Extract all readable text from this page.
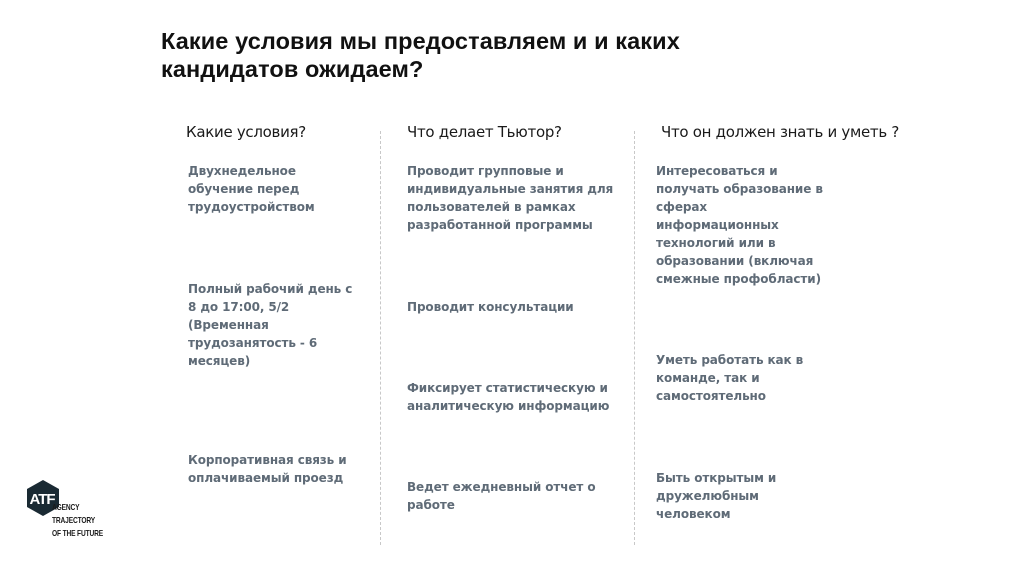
Какие условия мы предоставляем и и каких кандидатов ожидаем?
Какие условия?
Двухнедельное обучение перед трудоустройством
Полный рабочий день с 8 до 17:00, 5/2 (Временная трудозанятость - 6 месяцев)
Корпоративная связь и оплачиваемый проезд
Что делает Тьютор?
Проводит групповые и индивидуальные занятия для пользователей в рамках разработанной программы
Проводит консультации
Фиксирует статистическую и аналитическую информацию
Ведет ежедневный отчет о работе
Что он должен знать и уметь ?
Интересоваться и получать образование в сферах информационных технологий или в образовании (включая смежные профобласти)
Уметь работать как в команде, так и самостоятельно
Быть открытым и дружелюбным человеком
ATF
AGENCY
TRAJECTORY
OF THE FUTURE
